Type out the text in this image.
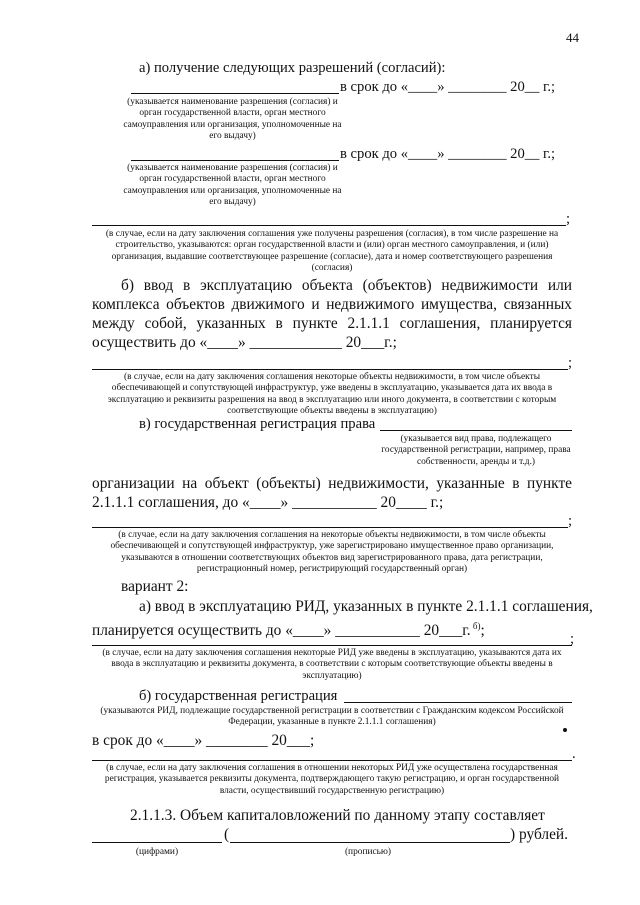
44
а) получение следующих разрешений (согласий):
в срок до «____» ________ 20__ г.;
(указывается наименование разрешения (согласия) и орган государственной власти, орган местного самоуправления или организация, уполномоченные на его выдачу)
в срок до «____» ________ 20__ г.;
(указывается наименование разрешения (согласия) и орган государственной власти, орган местного самоуправления или организация, уполномоченные на его выдачу)
;
(в случае, если на дату заключения соглашения уже получены разрешения (согласия), в том числе разрешение на строительство, указываются: орган государственной власти и (или) орган местного самоуправления, и (или) организация, выдавшие соответствующее разрешение (согласие), дата и номер соответствующего разрешения (согласия)
б) ввод в эксплуатацию объекта (объектов) недвижимости или
комплекса объектов движимого и недвижимого имущества, связанных
между собой, указанных в пункте 2.1.1.1 соглашения, планируется
осуществить до «____» ____________ 20___г.;
;
(в случае, если на дату заключения соглашения некоторые объекты недвижимости, в том числе объекты обеспечивающей и сопутствующей инфраструктур, уже введены в эксплуатацию, указывается дата их ввода в эксплуатацию и реквизиты разрешения на ввод в эксплуатацию или иного документа, в соответствии с которым соответствующие объекты введены в эксплуатацию)
в) государственная регистрация права
(указывается вид права, подлежащего государственной регистрации, например, права собственности, аренды и т.д.)
организации на объект (объекты) недвижимости, указанные в пункте
2.1.1.1 соглашения, до «____» ___________ 20____ г.;
;
(в случае, если на дату заключения соглашения на некоторые объекты недвижимости, в том числе объекты обеспечивающей и сопутствующей инфраструктур, уже зарегистрировано имущественное право организации, указываются в отношении соответствующих объектов вид зарегистрированного права, дата регистрации, регистрационный номер, регистрирующий государственный орган)
вариант 2:
а) ввод в эксплуатацию РИД, указанных в пункте 2.1.1.1 соглашения,
планируется осуществить до «____» ___________ 20___г. $^{б)}$;	;
(в случае, если на дату заключения соглашения некоторые РИД уже введены в эксплуатацию, указываются дата их ввода в эксплуатацию и реквизиты документа, в соответствии с которым соответствующие объекты введены в эксплуатацию)
б) государственная регистрация
(указываются РИД, подлежащие государственной регистрации в соответствии с Гражданским кодексом Российской Федерации, указанные в пункте 2.1.1.1 соглашения)
в срок до «____» ________ 20___;
.
(в случае, если на дату заключения соглашения в отношении некоторых РИД уже осуществлена государственная регистрация, указывается реквизиты документа, подтверждающего такую регистрацию, и орган государственной власти, осуществивший государственную регистрацию)
2.1.1.3. Объем капиталовложений по данному этапу составляет
(	) рублей.
(цифрами)	(прописью)
